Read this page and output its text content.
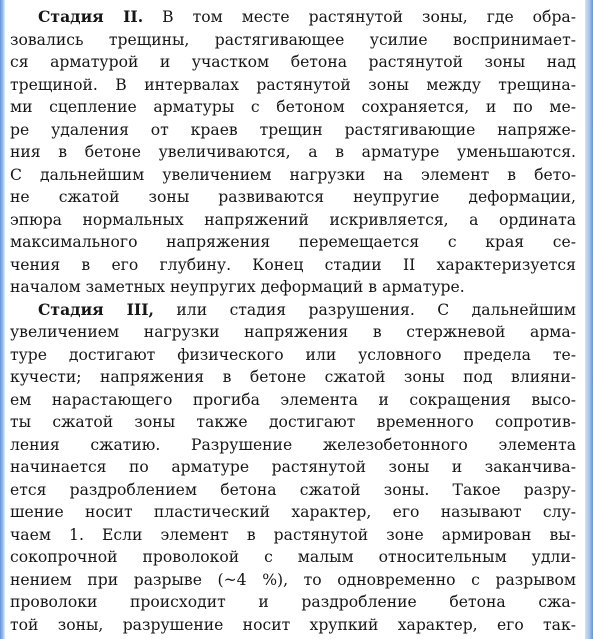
Стадия II. В том месте растянутой зоны, где обра-
зовались трещины, растягивающее усилие воспринимает-
ся арматурой и участком бетона растянутой зоны над
трещиной. В интервалах растянутой зоны между трещина-
ми сцепление арматуры с бетоном сохраняется, и по ме-
ре удаления от краев трещин растягивающие напряже-
ния в бетоне увеличиваются, а в арматуре уменьшаются.
С дальнейшим увеличением нагрузки на элемент в бето-
не сжатой зоны развиваются неупругие деформации,
эпюра нормальных напряжений искривляется, а ордината
максимального напряжения перемещается с края се-
чения в его глубину. Конец стадии II характеризуется
началом заметных неупругих деформаций в арматуре.
Стадия III, или стадия разрушения. С дальнейшим
увеличением нагрузки напряжения в стержневой арма-
туре достигают физического или условного предела те-
кучести; напряжения в бетоне сжатой зоны под влияни-
ем нарастающего прогиба элемента и сокращения высо-
ты сжатой зоны также достигают временного сопротив-
ления сжатию. Разрушение железобетонного элемента
начинается по арматуре растянутой зоны и заканчива-
ется раздроблением бетона сжатой зоны. Такое разру-
шение носит пластический характер, его называют слу-
чаем 1. Если элемент в растянутой зоне армирован вы-
сокопрочной проволокой с малым относительным удли-
нением при разрыве (~4 %), то одновременно с разрывом
проволоки происходит и раздробление бетона сжа-
той зоны, разрушение носит хрупкий характер, его так-
